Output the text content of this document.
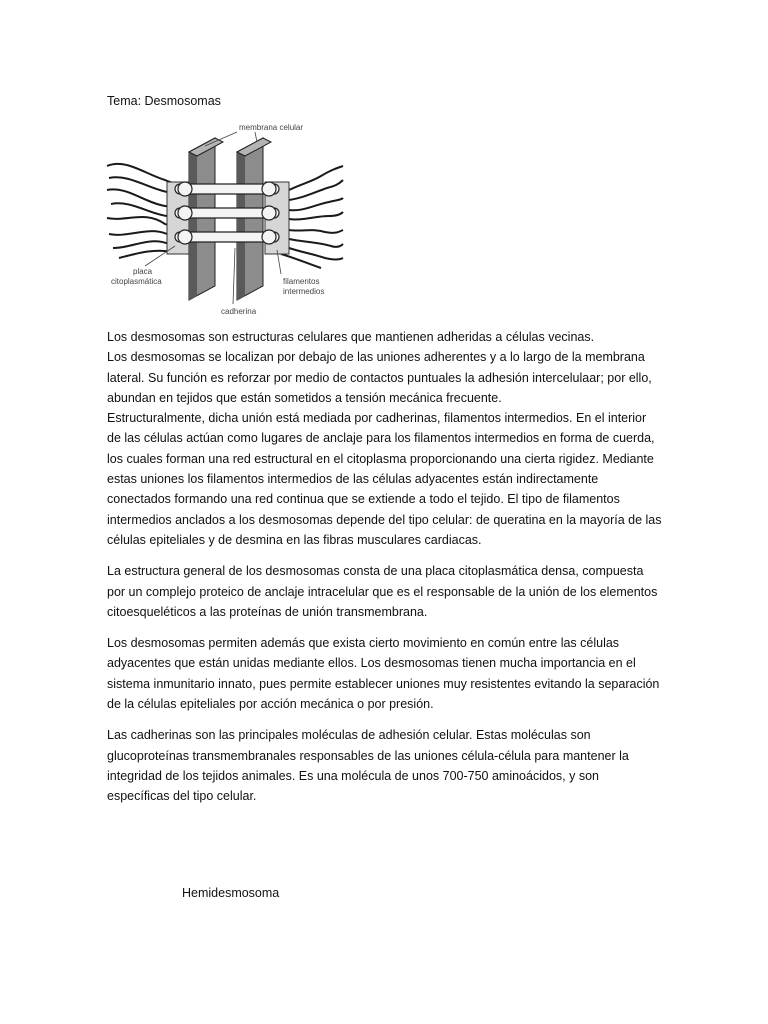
Tema: Desmosomas
membrana celular
placa
citoplasmática	filamentos
intermedios
cadherina

Los desmosomas son estructuras celulares que mantienen adheridas a células vecinas.

Los desmosomas se localizan por debajo de las uniones adherentes y a lo largo de la membrana lateral. Su función es reforzar por medio de contactos puntuales la adhesión intercelulaar; por ello, abundan en tejidos que están sometidos a tensión mecánica frecuente.

Estructuralmente, dicha unión está mediada por cadherinas, filamentos intermedios. En el interior de las células actúan como lugares de anclaje para los filamentos intermedios en forma de cuerda, los cuales forman una red estructural en el citoplasma proporcionando una cierta rigidez. Mediante estas uniones los filamentos intermedios de las células adyacentes están indirectamente conectados formando una red continua que se extiende a todo el tejido. El tipo de filamentos intermedios anclados a los desmosomas depende del tipo celular: de queratina en la mayoría de las células epiteliales y de desmina en las fibras musculares cardiacas.

La estructura general de los desmosomas consta de una placa citoplasmática densa, compuesta por un complejo proteico de anclaje intracelular que es el responsable de la unión de los elementos citoesqueléticos a las proteínas de unión transmembrana.

Los desmosomas permiten además que exista cierto movimiento en común entre las células adyacentes que están unidas mediante ellos. Los desmosomas tienen mucha importancia en el sistema inmunitario innato, pues permite establecer uniones muy resistentes evitando la separación de la células epiteliales por acción mecánica o por presión.

Las cadherinas son las principales moléculas de adhesión celular. Estas moléculas son glucoproteínas transmembranales responsables de las uniones célula-célula para mantener la integridad de los tejidos animales. Es una molécula de unos 700-750 aminoácidos, y son específicas del tipo celular.

Hemidesmosoma
